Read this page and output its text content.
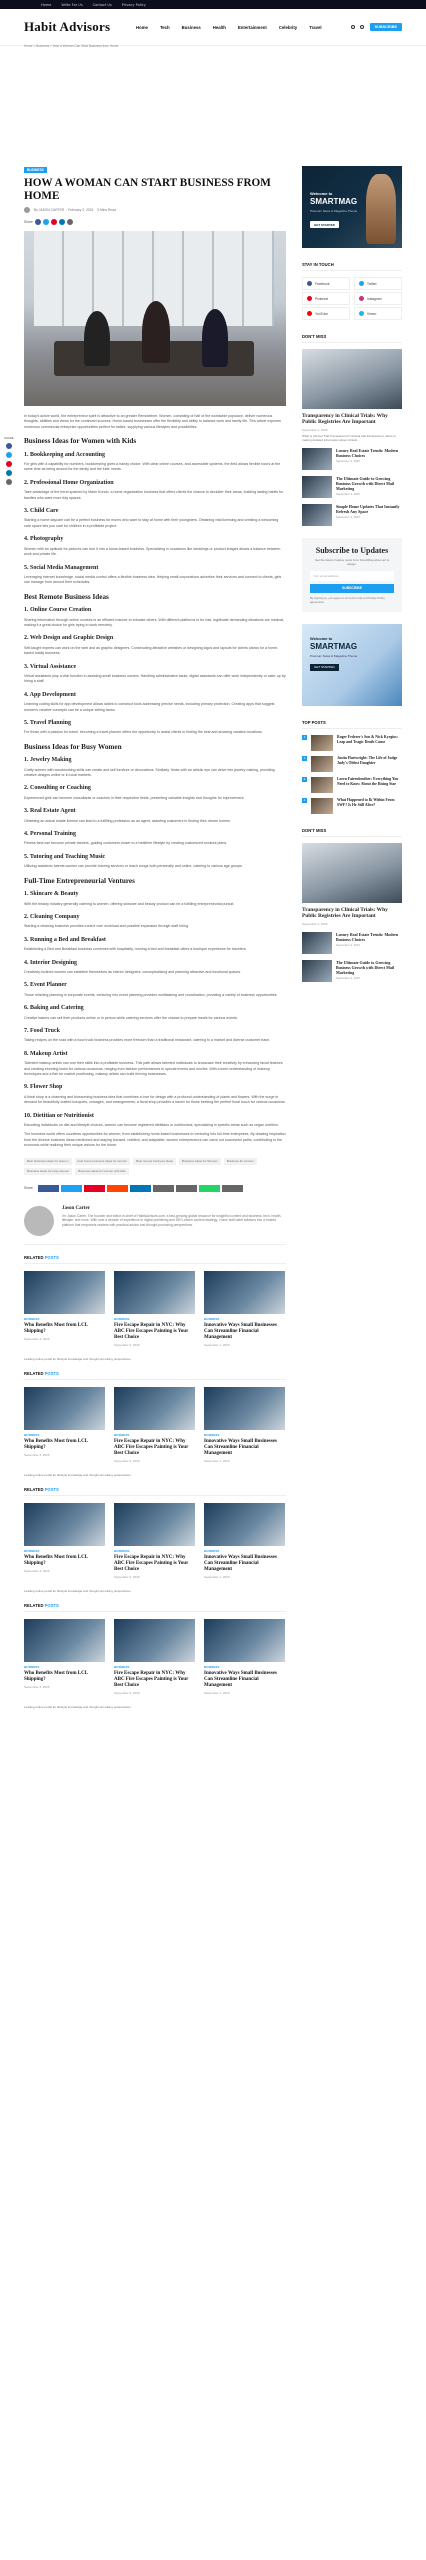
Home	Write For Us	Contact Us	Privacy Policy
Habit Advisors	Home	Tech	Business	Health	Entertainment	Celebrity	Travel	SUBSCRIBE
Home > Business > How a Woman Can Start Business from Home
SHARE
BUSINESS
HOW A WOMAN CAN START BUSINESS FROM HOME
By JASON CARTER February 3, 2023 5 Mins Read
Share

In today's active world, the entrepreneur spirit is attractive to an greater Remoteliner. Women, consisting of half of the worldwide populace, deliver numerous thoughts, abilities and views for the continued success. Home-based businesses offer the flexibility and ability to balance work and family life. This article explores numerous commercial enterprise opportunities perfect for ladies, supplying various lifestyles and possibilities.

Business Ideas for Women with Kids
1. Bookkeeping and Accounting

For girls with a capability for numbers, bookkeeping gives a handy choice. With clear online courses, and accessible systems, the field allows flexible hours at the same time as being around for the family and the kids' needs.

2. Professional Home Organization

Take advantage of the trend sparked by Marie Kondo, a home organization business that offers clients the chance to declutter their areas, building lasting habits for families who want more tidy spaces.

3. Child Care

Starting a home daycare can be a perfect business for mums who want to stay at home with their youngsters. Obtaining vital licensing and creating a welcoming care space lets you care for children in a profitable project.

4. Photography

Women with an aptitude for pictures can turn it into a home-based business. Specializing in occasions like weddings or product images allows a balance between work and private life.

5. Social Media Management

Leveraging internet knowledge, social media control offers a flexible business idea. Helping small corporations advertise their services and connect to clients, girls can manage from around their schedules.

Best Remote Business Ideas
1. Online Course Creation

Sharing information through online courses is an efficient manner to educate others. With different platforms to be had, legitimate demanding situations are minimal, making it a great choice for girls trying to work remotely.

2. Web Design and Graphic Design

Self-taught experts can work on the web and as graphic designers. Constructing attractive websites or designing logos and layouts for clients allows for a home-based totally business.

3. Virtual Assistance

Virtual assistants play a vital function in assisting small business owners. Handling administrative tasks, digital assistants can offer work independently or cater up by hiring a staff.

4. App Development

Learning coding skills for app development allows ladies to construct tools addressing precise needs, including primary protection. Creating apps that suggest women's creative concepts can be a unique selling factor.

5. Travel Planning

For those with a passion for travel, becoming a travel planner offers the opportunity to assist clients in finding the best and amazing vacation locations.

Business Ideas for Busy Women
1. Jewelry Making

Crafty women with woodworking skills can create and sell furniture or decorations. Similarly, those with an artistic eye can delve into jewelry making, providing creative designs online or in local markets.

2. Consulting or Coaching

Experienced girls can become consultants or coaches in their respective fields, presenting valuable insights and thoughts for improvement.

3. Real Estate Agent

Obtaining an actual estate license can lead to a fulfilling profession as an agent, assisting customers in finding their dream homes.

4. Personal Training

Fitness fans can become private trainers, guiding customers closer to a healthier lifestyle by creating customized workout plans.

5. Tutoring and Teaching Music

Utilizing academic talents women can provide tutoring services or teach songs both personally and online, catering to various age groups.

Full-Time Entrepreneurial Ventures
1. Skincare & Beauty

With the beauty industry generally catering to women, offering skincare and beauty product can be a fulfilling entrepreneurial pursuit.

2. Cleaning Company

Starting a cleaning business provides control over workload and possible expansion through staff hiring.

3. Running a Bed and Breakfast

Establishing a Bed and Breakfast business combines with hospitality, running a bed and breakfast offers a boutique experience for travelers.

4. Interior Designing

Creatively-inclined women can establish themselves as interior designers, conceptualizing and planning attractive and functional spaces.

5. Event Planner

Those relishing planning in corporate events, venturing into event planning provides multitasking and coordination, providing a variety of business opportunities.

6. Baking and Catering

Creative bakers can sell their products online or in person while catering services offer the chance to prepare meals for various events.

7. Food Truck

Taking recipes on the road with a food truck business provides more freedom than a traditional restaurant, catering to a market and diverse customer base.

8. Makeup Artist

Talented makeup artists can turn their skills into a profitable business. This path allows talented individuals to showcase their creativity by enhancing facial features and creating stunning looks for various occasions, ranging from fashion performances to special events and movies. With a keen understanding of makeup techniques and a flair for market positioning, makeup artists can build thriving businesses.

9. Flower Shop

A floral shop is a charming and blossoming business idea that combines a love for design with a profound understanding of plants and flowers. With the surge in demand for beautifully crafted bouquets, corsages, and arrangements, a floral shop provides a haven for those seeking the perfect floral touch for various occasions.

10. Dietitian or Nutritionist

Educating individuals on diet and lifestyle choices, women can become registered dietitians or nutritionists, specializing in specific areas such as vegan nutrition.

The business world offers countless opportunities for women, from establishing home-based businesses to venturing into full-time enterprises. By drawing inspiration from the diverse business ideas mentioned and staying focused, resilient, and adaptable, women entrepreneurs can carve out successful paths, contributing to the economic while realizing their unique visions for the future.

Best business ideas for women	best home business ideas for women	Best remote business ideas	Business Ideas for Women	Business for women
Business ideas for busy women	Business ideas for women with kids
Share
Jason Carter
I'm Jason Carter, The founder and editor-in-chief of HabitAdvisors.com, a fast-growing global resource for insightful content and business, tech, health, lifestyle, and more. With over a decade of experience in digital publishing and SEO-driven content strategy, I have built habit advisors into a trusted platform that empowers readers with practical advice and thought-provoking perspectives.
RELATED POSTS
BUSINESS
Who Benefits Most from LCL Shipping?
September 4, 2025
BUSINESS
Fire Escape Repair in NYC: Why ABC Fire Escapes Painting is Your Best Choice
September 3, 2025
BUSINESS
Innovative Ways Small Businesses Can Streamline Financial Management
September 1, 2025
Leading online portal for lifestyle knowledge and thought-provoking perspectives.
RELATED POSTS
BUSINESS
Who Benefits Most from LCL Shipping?
September 4, 2025
BUSINESS
Fire Escape Repair in NYC: Why ABC Fire Escapes Painting is Your Best Choice
September 3, 2025
BUSINESS
Innovative Ways Small Businesses Can Streamline Financial Management
September 1, 2025
Leading online portal for lifestyle knowledge and thought-provoking perspectives.
RELATED POSTS
BUSINESS
Who Benefits Most from LCL Shipping?
September 4, 2025
BUSINESS
Fire Escape Repair in NYC: Why ABC Fire Escapes Painting is Your Best Choice
September 3, 2025
BUSINESS
Innovative Ways Small Businesses Can Streamline Financial Management
September 1, 2025
Leading online portal for lifestyle knowledge and thought-provoking perspectives.
RELATED POSTS
BUSINESS
Who Benefits Most from LCL Shipping?
September 4, 2025
BUSINESS
Fire Escape Repair in NYC: Why ABC Fire Escapes Painting is Your Best Choice
September 3, 2025
BUSINESS
Innovative Ways Small Businesses Can Streamline Financial Management
September 1, 2025
Leading online portal for lifestyle knowledge and thought-provoking perspectives.
Welcome to
SMARTMAG
Premium News & Magazine Theme
GET STARTED
STAY IN TOUCH
Facebook	Twitter
Pinterest	Instagram
YouTube	Vimeo
DON'T MISS
Transparency in Clinical Trials: Why Public Registries Are Important
September 4, 2025
What is Clinical Trial Transparency? Clinical trial transparency refers to making detailed information about clinical...
Luxury Real Estate Trends: Modern Business Choices
September 4, 2025
The Ultimate Guide to Growing Business Growth with Direct Mail Marketing
September 3, 2025
Simple Home Updates That Instantly Refresh Any Space
September 2, 2025
Subscribe to Updates
Get the latest creative news from SmartMag about art & design.
Your email address
SUBSCRIBE
By signing up, you agree to our terms and our Privacy Policy agreement.
Welcome to
SMARTMAG
Premium News & Magazine Theme
GET STARTED
TOP POSTS
1	Roger Federer's Son & Nick Kyrgios: Leap and Tragic Death Cause
2	Justin Hartwright: The Life of Judge Judy's Oldest Daughter
3	Loren Fairenbrother: Everything You Need to Know About the Rising Star
4	What Happened to Ik Within From SWF? Is He Still Alive?
DON'T MISS
Transparency in Clinical Trials: Why Public Registries Are Important
September 4, 2025
Luxury Real Estate Trends: Modern Business Choices
September 4, 2025
The Ultimate Guide to Growing Business Growth with Direct Mail Marketing
September 3, 2025
